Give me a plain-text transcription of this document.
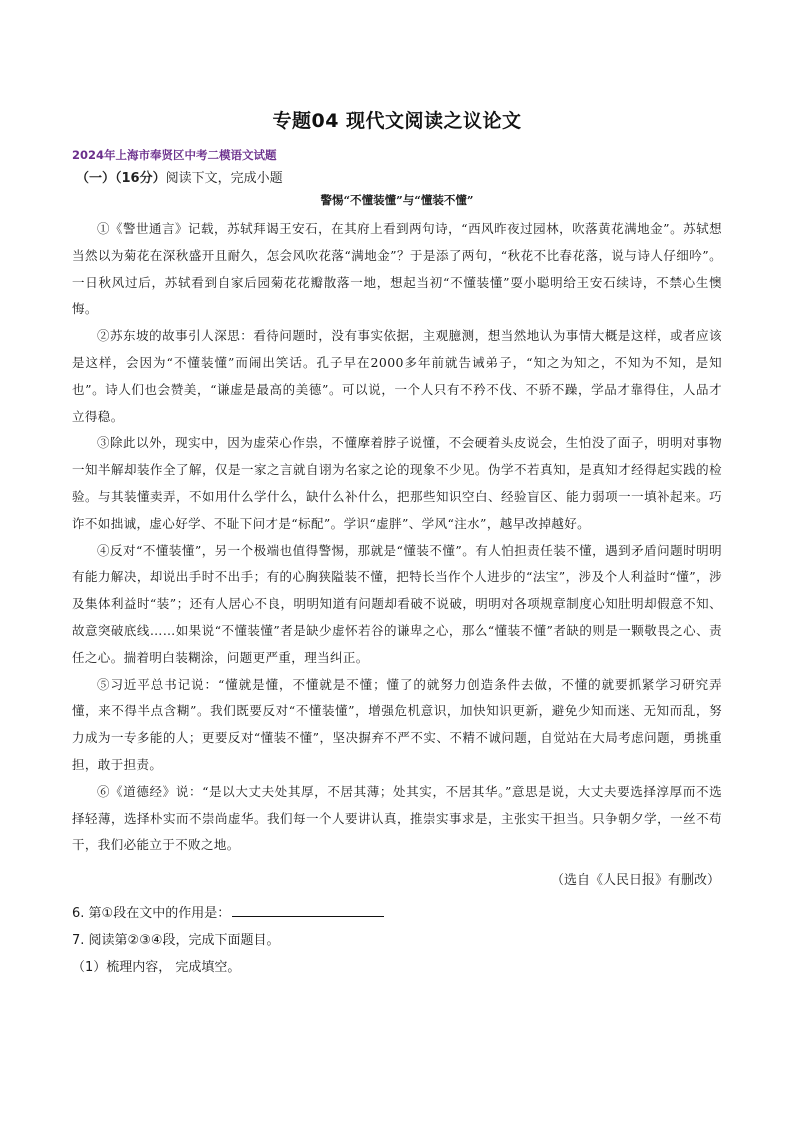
专题04 现代文阅读之议论文
2024年上海市奉贤区中考二模语文试题
（一）（16分）阅读下文，完成小题
警惕“不懂装懂”与“懂装不懂”

①《警世通言》记载，苏轼拜谒王安石，在其府上看到两句诗，“西风昨夜过园林，吹落黄花满地金”。苏轼想当然以为菊花在深秋盛开且耐久，怎会风吹花落“满地金”？于是添了两句，“秋花不比春花落，说与诗人仔细吟”。一日秋风过后，苏轼看到自家后园菊花花瓣散落一地，想起当初“不懂装懂”耍小聪明给王安石续诗，不禁心生懊悔。

②苏东坡的故事引人深思：看待问题时，没有事实依据，主观臆测，想当然地认为事情大概是这样，或者应该是这样，会因为“不懂装懂”而闹出笑话。孔子早在2000多年前就告诫弟子，“知之为知之，不知为不知，是知也”。诗人们也会赞美，“谦虚是最高的美德”。可以说，一个人只有不矜不伐、不骄不躁，学品才靠得住，人品才立得稳。

③除此以外，现实中，因为虚荣心作祟，不懂摩着脖子说懂，不会硬着头皮说会，生怕没了面子，明明对事物一知半解却装作全了解，仅是一家之言就自诩为名家之论的现象不少见。伪学不若真知，是真知才经得起实践的检验。与其装懂卖弄，不如用什么学什么，缺什么补什么，把那些知识空白、经验盲区、能力弱项一一填补起来。巧诈不如拙诚，虚心好学、不耻下问才是“标配”。学识“虚胖”、学风“注水”，越早改掉越好。

④反对“不懂装懂”，另一个极端也值得警惕，那就是“懂装不懂”。有人怕担责任装不懂，遇到矛盾问题时明明有能力解决，却说出手时不出手；有的心胸狭隘装不懂，把特长当作个人进步的“法宝”，涉及个人利益时“懂”，涉及集体利益时“装”；还有人居心不良，明明知道有问题却看破不说破，明明对各项规章制度心知肚明却假意不知、故意突破底线……如果说“不懂装懂”者是缺少虚怀若谷的谦卑之心，那么“懂装不懂”者缺的则是一颗敬畏之心、责任之心。揣着明白装糊涂，问题更严重，理当纠正。

⑤习近平总书记说：“懂就是懂，不懂就是不懂；懂了的就努力创造条件去做，不懂的就要抓紧学习研究弄懂，来不得半点含糊”。我们既要反对“不懂装懂”，增强危机意识，加快知识更新，避免少知而迷、无知而乱，努力成为一专多能的人；更要反对“懂装不懂”，坚决摒弃不严不实、不精不诚问题，自觉站在大局考虑问题，勇挑重担，敢于担责。

⑥《道德经》说：“是以大丈夫处其厚，不居其薄；处其实，不居其华。”意思是说，大丈夫要选择淳厚而不选择轻薄，选择朴实而不崇尚虚华。我们每一个人要讲认真，推崇实事求是，主张实干担当。只争朝夕学，一丝不苟干，我们必能立于不败之地。

（选自《人民日报》有删改）

6. 第①段在文中的作用是：

7. 阅读第②③④段，完成下面题目。

（1）梳理内容， 完成填空。
